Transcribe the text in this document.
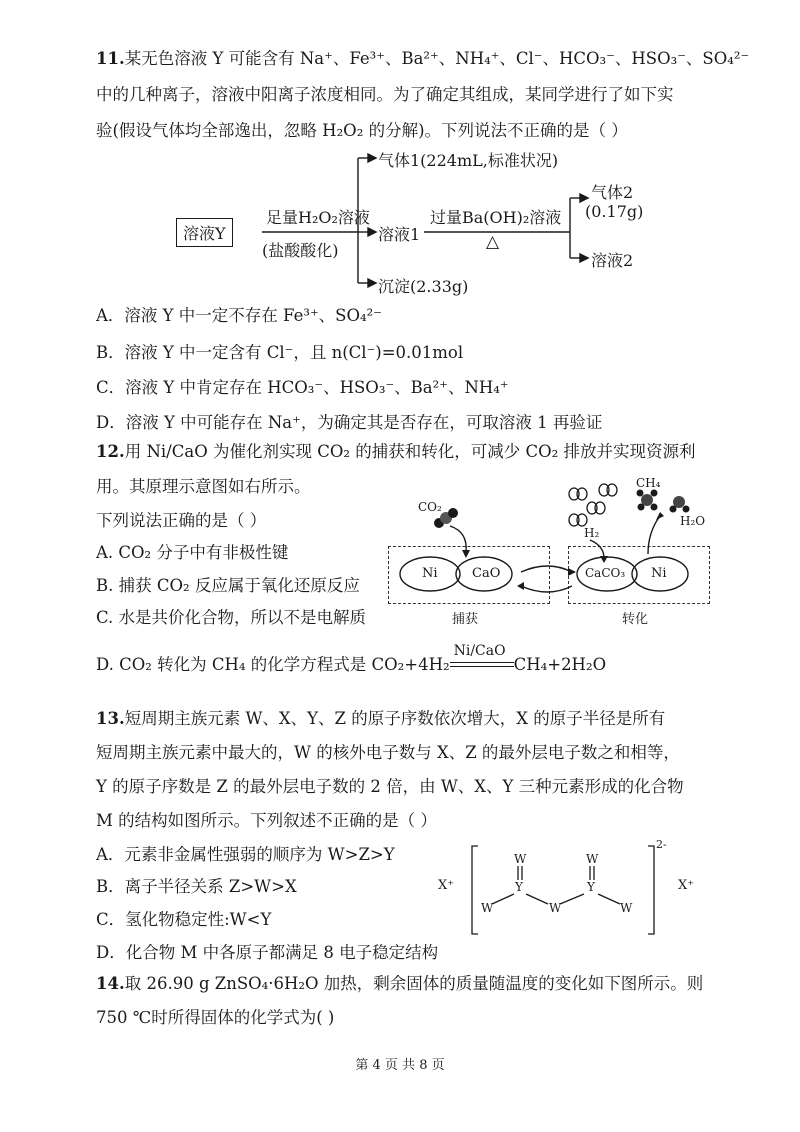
11.某无色溶液 Y 可能含有 Na⁺、Fe³⁺、Ba²⁺、NH₄⁺、Cl⁻、HCO₃⁻、HSO₃⁻、SO₄²⁻
中的几种离子，溶液中阳离子浓度相同。为了确定其组成，某同学进行了如下实
验(假设气体均全部逸出，忽略 H₂O₂ 的分解)。下列说法不正确的是（ ）
溶液Y
足量H₂O₂溶液
(盐酸酸化)
气体1(224mL,标准状况)
溶液1
沉淀(2.33g)
过量Ba(OH)₂溶液
△
气体2
(0.17g)
溶液2
A．溶液 Y 中一定不存在 Fe³⁺、SO₄²⁻
B．溶液 Y 中一定含有 Cl⁻，且 n(Cl⁻)=0.01mol
C．溶液 Y 中肯定存在 HCO₃⁻、HSO₃⁻、Ba²⁺、NH₄⁺
D．溶液 Y 中可能存在 Na⁺，为确定其是否存在，可取溶液 1 再验证
12.用 Ni/CaO 为催化剂实现 CO₂ 的捕获和转化，可减少 CO₂ 排放并实现资源利
用。其原理示意图如右所示。
下列说法正确的是（ ）
A. CO₂ 分子中有非极性键
B. 捕获 CO₂ 反应属于氧化还原反应
C. 水是共价化合物，所以不是电解质
D. CO₂ 转化为 CH₄ 的化学方程式是 CO₂+4H₂
Ni/CaO
CH₄+2H₂O
CO₂
Ni	CaO
捕获
H₂
CH₄
CaCO₃ Ni
H₂O
转化
13.短周期主族元素 W、X、Y、Z 的原子序数依次增大，X 的原子半径是所有
短周期主族元素中最大的，W 的核外电子数与 X、Z 的最外层电子数之和相等，
Y 的原子序数是 Z 的最外层电子数的 2 倍，由 W、X、Y 三种元素形成的化合物
M 的结构如图所示。下列叙述不正确的是（ ）
A．元素非金属性强弱的顺序为 W>Z>Y
B．离子半径关系 Z>W>X
C．氢化物稳定性:W<Y
D．化合物 M 中各原子都满足 8 电子稳定结构
X⁺	X⁺
2-
W	W
Y	Y
W	W	W
14.取 26.90 g ZnSO₄·6H₂O 加热，剩余固体的质量随温度的变化如下图所示。则
750 ℃时所得固体的化学式为( )
第 4 页 共 8 页
